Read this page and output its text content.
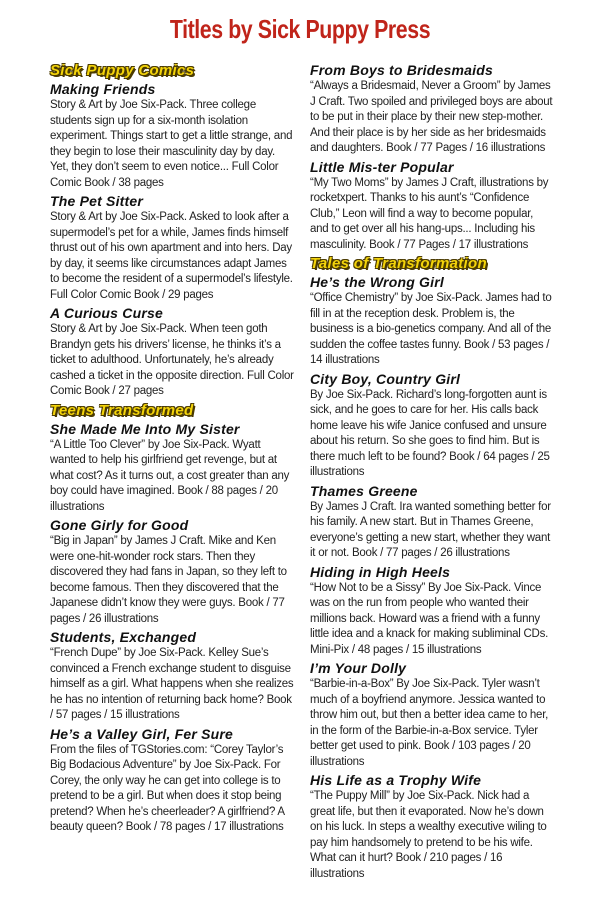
Titles by Sick Puppy Press
Sick Puppy Comics
Making Friends
Story & Art by Joe Six-Pack. Three college students sign up for a six-month isolation experiment. Things start to get a little strange, and they begin to lose their masculinity day by day. Yet, they don’t seem to even notice... Full Color Comic Book / 38 pages
The Pet Sitter
Story & Art by Joe Six-Pack. Asked to look after a supermodel’s pet for a while, James finds himself thrust out of his own apartment and into hers. Day by day, it seems like circumstances adapt James to become the resident of a supermodel’s lifestyle. Full Color Comic Book / 29 pages
A Curious Curse
Story & Art by Joe Six-Pack. When teen goth Brandyn gets his drivers’ license, he thinks it’s a ticket to adulthood. Unfortunately, he’s already cashed a ticket in the opposite direction. Full Color Comic Book / 27 pages
Teens Transformed
She Made Me Into My Sister
“A Little Too Clever” by Joe Six-Pack. Wyatt wanted to help his girlfriend get revenge, but at what cost? As it turns out, a cost greater than any boy could have imagined. Book / 88 pages / 20 illustrations
Gone Girly for Good
“Big in Japan” by James J Craft. Mike and Ken were one-hit-wonder rock stars. Then they discovered they had fans in Japan, so they left to become famous. Then they discovered that the Japanese didn’t know they were guys. Book / 77 pages / 26 illustrations
Students, Exchanged
“French Dupe” by Joe Six-Pack. Kelley Sue’s convinced a French exchange student to disguise himself as a girl. What happens when she realizes he has no intention of returning back home? Book / 57 pages / 15 illustrations
He’s a Valley Girl, Fer Sure
From the files of TGStories.com: “Corey Taylor’s Big Bodacious Adventure” by Joe Six-Pack. For Corey, the only way he can get into college is to pretend to be a girl. But when does it stop being pretend? When he’s cheerleader? A girlfriend? A beauty queen? Book / 78 pages / 17 illustrations
From Boys to Bridesmaids
“Always a Bridesmaid, Never a Groom” by James J Craft. Two spoiled and privileged boys are about to be put in their place by their new step-mother. And their place is by her side as her bridesmaids and daughters. Book / 77 Pages / 16 illustrations
Little Mis-ter Popular
“My Two Moms” by James J Craft, illustrations by rocketxpert. Thanks to his aunt’s “Confidence Club,” Leon will find a way to become popular, and to get over all his hang-ups... Including his masculinity. Book / 77 Pages / 17 illustrations
Tales of Transformation
He’s the Wrong Girl
“Office Chemistry” by Joe Six-Pack. James had to fill in at the reception desk. Problem is, the business is a bio-genetics company. And all of the sudden the coffee tastes funny. Book / 53 pages / 14 illustrations
City Boy, Country Girl
By Joe Six-Pack. Richard’s long-forgotten aunt is sick, and he goes to care for her. His calls back home leave his wife Janice confused and unsure about his return. So she goes to find him. But is there much left to be found? Book / 64 pages / 25 illustrations
Thames Greene
By James J Craft. Ira wanted something better for his family. A new start. But in Thames Greene, everyone’s getting a new start, whether they want it or not. Book / 77 pages / 26 illustrations
Hiding in High Heels
“How Not to be a Sissy” By Joe Six-Pack. Vince was on the run from people who wanted their millions back. Howard was a friend with a funny little idea and a knack for making subliminal CDs. Mini-Pix / 48 pages / 15 illustrations
I’m Your Dolly
“Barbie-in-a-Box” By Joe Six-Pack. Tyler wasn’t much of a boyfriend anymore. Jessica wanted to throw him out, but then a better idea came to her, in the form of the Barbie-in-a-Box service. Tyler better get used to pink. Book / 103 pages / 20 illustrations
His Life as a Trophy Wife
“The Puppy Mill” by Joe Six-Pack. Nick had a great life, but then it evaporated. Now he’s down on his luck. In steps a wealthy executive wiling to pay him handsomely to pretend to be his wife. What can it hurt? Book / 210 pages / 16 illustrations
